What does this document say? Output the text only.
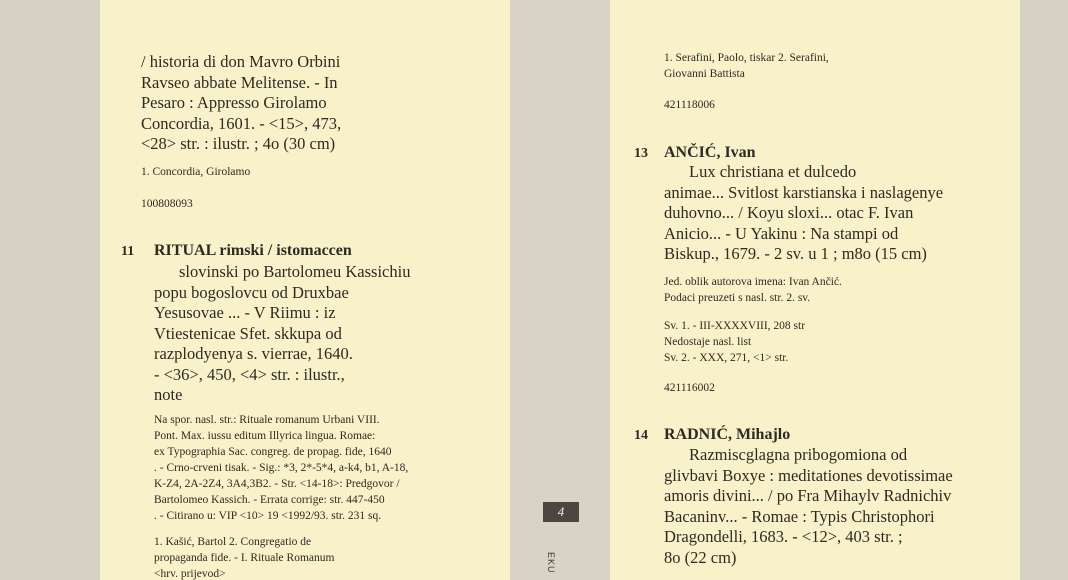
/ historia di don Mavro Orbini
Ravseo abbate Melitense. - In
Pesaro : Appresso Girolamo
Concordia, 1601. - <15>, 473,
<28> str. : ilustr. ; 4o (30 cm)
1. Concordia, Girolamo
100808093
11 RITUAL rimski / istomaccen
slovinski po Bartolomeu Kassichiu
popu bogoslovcu od Druxbae
Yesusovae ... - V Riimu : iz
Vtiestenicae Sfet. skkupa od
razplodyenya s. vierrae, 1640.
- <36>, 450, <4> str. : ilustr.,
note
Na spor. nasl. str.: Rituale romanum Urbani VIII.
Pont. Max. iussu editum Illyrica lingua. Romae:
ex Typographia Sac. congreg. de propag. fide, 1640
. - Crno-crveni tisak. - Sig.: *3, 2*-5*4, a-k4, b1, A-18,
K-Z4, 2A-2Z4, 3A4,3B2. - Str. <14-18>: Predgovor /
Bartolomeo Kassich. - Errata corrige: str. 447-450
. - Citirano u: VIP <10> 19 <1992/93. str. 231 sq.
1. Kašić, Bartol 2. Congregatio de
propaganda fide. - I. Rituale Romanum
<hrv. prijevod>
4
EKU
1. Serafini, Paolo, tiskar 2. Serafini,
Giovanni Battista
421118006
13 ANČIĆ, Ivan
Lux christiana et dulcedo
animae... Svitlost karstianska i naslagenye
duhovno... / Koyu sloxi... otac F. Ivan
Anicio... - U Yakinu : Na stampi od
Biskup., 1679. - 2 sv. u 1 ; m8o (15 cm)
Jed. oblik autorova imena: Ivan Ančić.
Podaci preuzeti s nasl. str. 2. sv.
Sv. 1. - III-XXXXVIII, 208 str
Nedostaje nasl. list
Sv. 2. - XXX, 271, <1> str.
421116002
14 RADNIĆ, Mihajlo
Razmiscglagna pribogomiona od
glivbavi Boxye : meditationes devotissimae
amoris divini... / po Fra Mihaylv Radnichiv
Bacaninv... - Romae : Typis Christophori
Dragondelli, 1683. - <12>, 403 str. ;
8o (22 cm)
